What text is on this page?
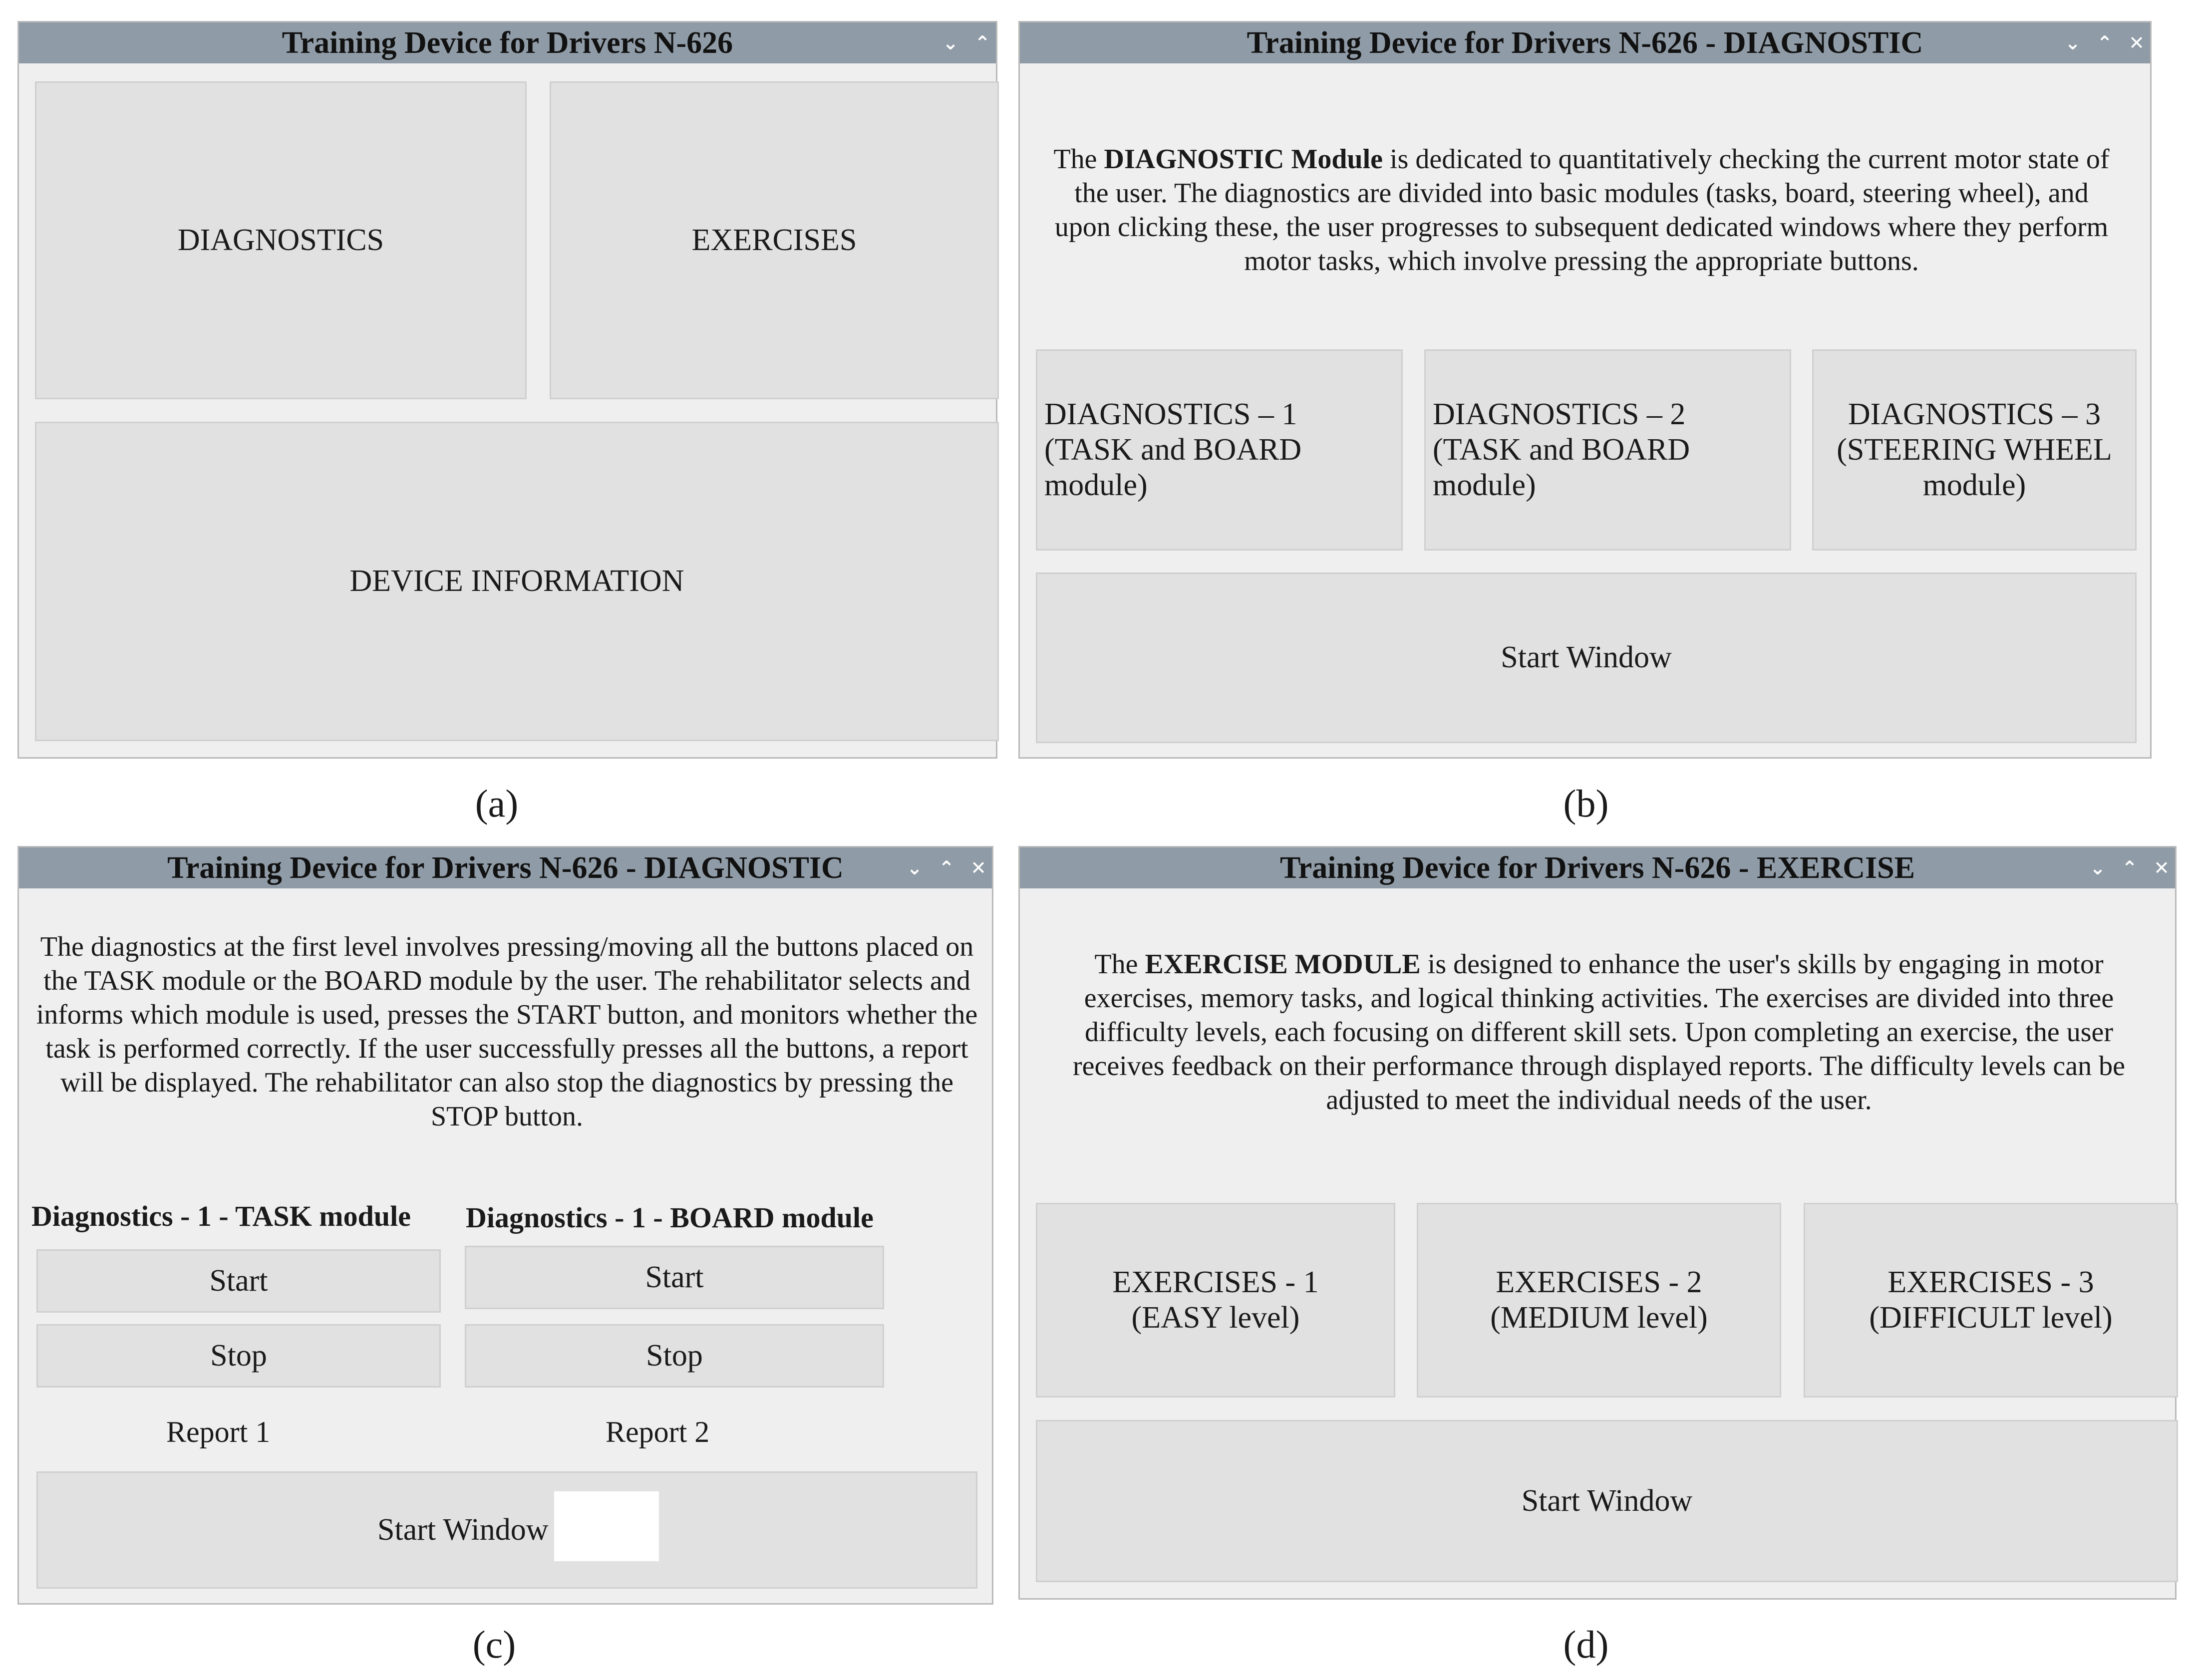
Training Device for Drivers N-626	⌄ ⌃
DIAGNOSTICS	EXERCISES
DEVICE INFORMATION
(a)
Training Device for Drivers N-626 - DIAGNOSTIC	⌄ ⌃ ✕
The DIAGNOSTIC Module is dedicated to quantitatively checking the current motor state of the user. The diagnostics are divided into basic modules (tasks, board, steering wheel), and upon clicking these, the user progresses to subsequent dedicated windows where they perform motor tasks, which involve pressing the appropriate buttons.
DIAGNOSTICS – 1
(TASK and BOARD module)
DIAGNOSTICS – 2
(TASK and BOARD module)
DIAGNOSTICS – 3
(STEERING WHEEL
module)
Start Window
(b)
Training Device for Drivers N-626 - DIAGNOSTIC	⌄ ⌃ ✕
The diagnostics at the first level involves pressing/moving all the buttons placed on the TASK module or the BOARD module by the user. The rehabilitator selects and informs which module is used, presses the START button, and monitors whether the task is performed correctly. If the user successfully presses all the buttons, a report will be displayed. The rehabilitator can also stop the diagnostics by pressing the STOP button.
Diagnostics - 1 - TASK module Diagnostics - 1 - BOARD module
Start	Start
Stop	Stop
Report 1	Report 2
Start Window
(c)
Training Device for Drivers N-626 - EXERCISE	⌄ ⌃ ✕
The EXERCISE MODULE is designed to enhance the user's skills by engaging in motor exercises, memory tasks, and logical thinking activities. The exercises are divided into three difficulty levels, each focusing on different skill sets. Upon completing an exercise, the user receives feedback on their performance through displayed reports. The difficulty levels can be adjusted to meet the individual needs of the user.
EXERCISES - 1
(EASY level)
EXERCISES - 2
(MEDIUM level)
EXERCISES - 3
(DIFFICULT level)
Start Window
(d)
